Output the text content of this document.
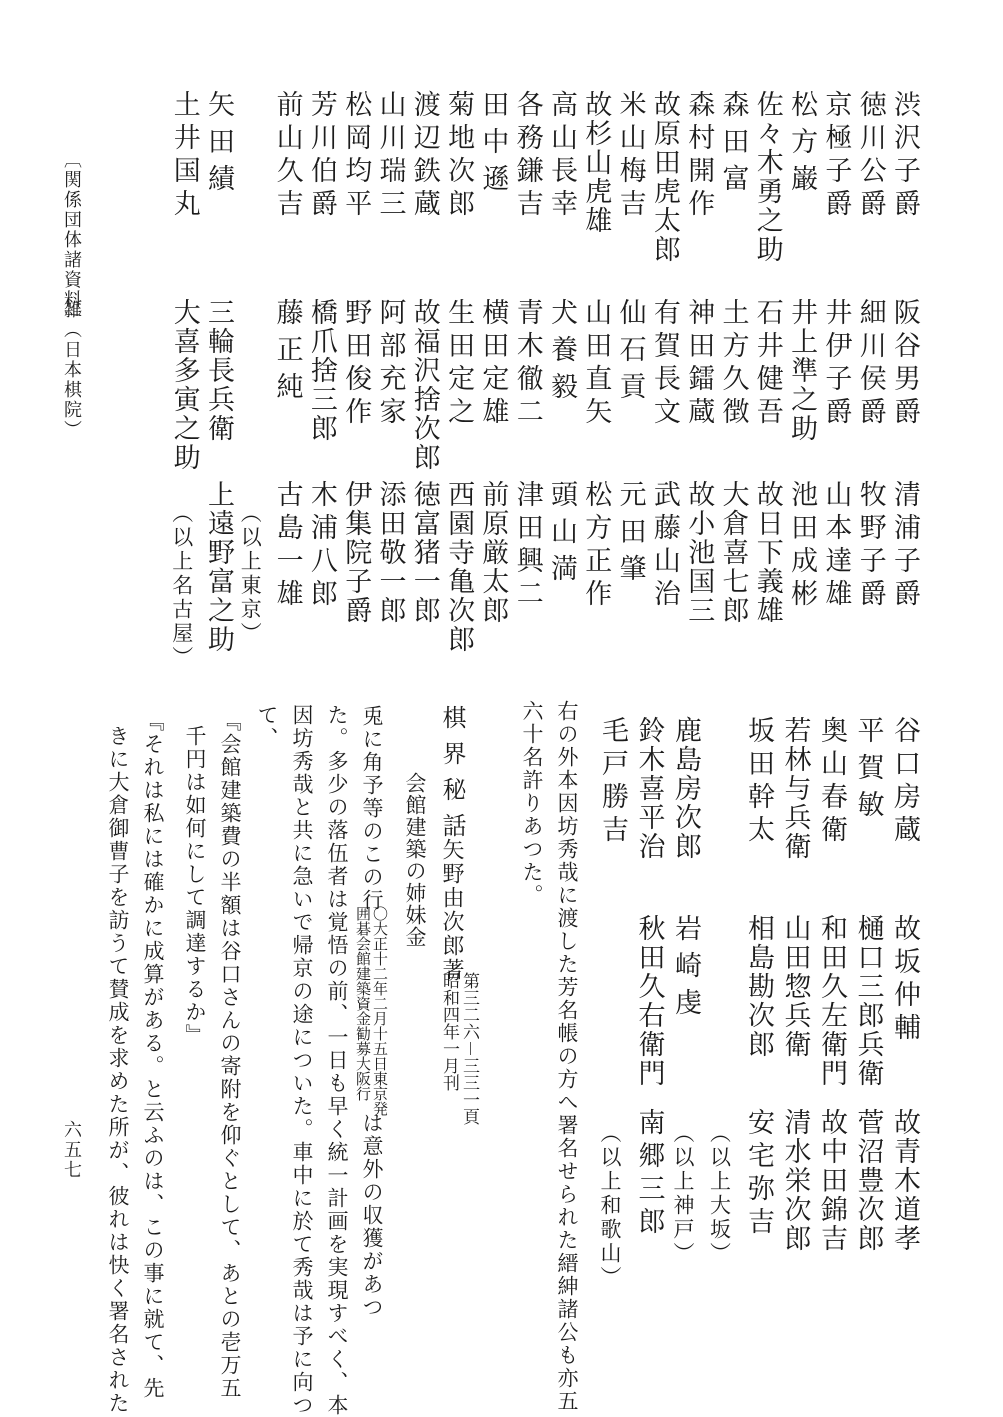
〔関係団体諸資料〕
雑（日本棋院）
六五七
渋沢子爵
阪谷男爵
清浦子爵
徳川公爵
細川侯爵
牧野子爵
京極子爵
井伊子爵
山本達雄
松方巌
井上準之助
池田成彬
佐々木勇之助
石井健吾
故日下義雄
森田富
土方久徴
大倉喜七郎
森村開作
神田鐳蔵
故小池国三
故原田虎太郎
有賀長文
武藤山治
米山梅吉
仙石貢
元田肇
故杉山虎雄
山田直矢
松方正作
高山長幸
犬養毅
頭山満
各務鎌吉
青木徹二
津田興二
田中遜
横田定雄
前原厳太郎
菊地次郎
生田定之
西園寺亀次郎
渡辺鉄蔵
故福沢捨次郎
徳富猪一郎
山川瑞三
阿部充家
添田敬一郎
松岡均平
野田俊作
伊集院子爵
芳川伯爵
橋爪捨三郎
木浦八郎
前山久吉
藤正純
古島一雄
（以上東京）
矢田績
三輪長兵衛
上遠野富之助
土井国丸
大喜多寅之助
（以上名古屋）
谷口房蔵
故坂仲輔
故青木道孝
平賀敏
樋口三郎兵衛
菅沼豊次郎
奥山春衛
和田久左衛門
故中田錦吉
若林与兵衛
山田惣兵衛
清水栄次郎
坂田幹太
相島勘次郎
安宅弥吉
（以上大坂）
鹿島房次郎
岩崎虔
（以上神戸）
鈴木喜平治
秋田久右衛門
南郷三郎
毛戸勝吉
（以上和歌山）
右の外本因坊秀哉に渡した芳名帳の方へ署名せられた縉紳諸公も亦五
六十名許りあつた。
棋界秘話
矢野由次郎著
第三二六－三三一頁
昭和四年一月刊
会館建築の姉妹金
兎に角予等のこの行
〇大正十二年二月十五日東京発
囲碁会館建築資金勧募大阪行
は意外の収獲があつ
た。多少の落伍者は覚悟の前、一日も早く統一計画を実現すべく、本
因坊秀哉と共に急いで帰京の途についた。車中に於て秀哉は予に向つ
て、
『会館建築費の半額は谷口さんの寄附を仰ぐとして、あとの壱万五
千円は如何にして調達するか』
『それは私には確かに成算がある。と云ふのは、この事に就て、先
きに大倉御曹子を訪うて賛成を求めた所が、彼れは快く署名された
